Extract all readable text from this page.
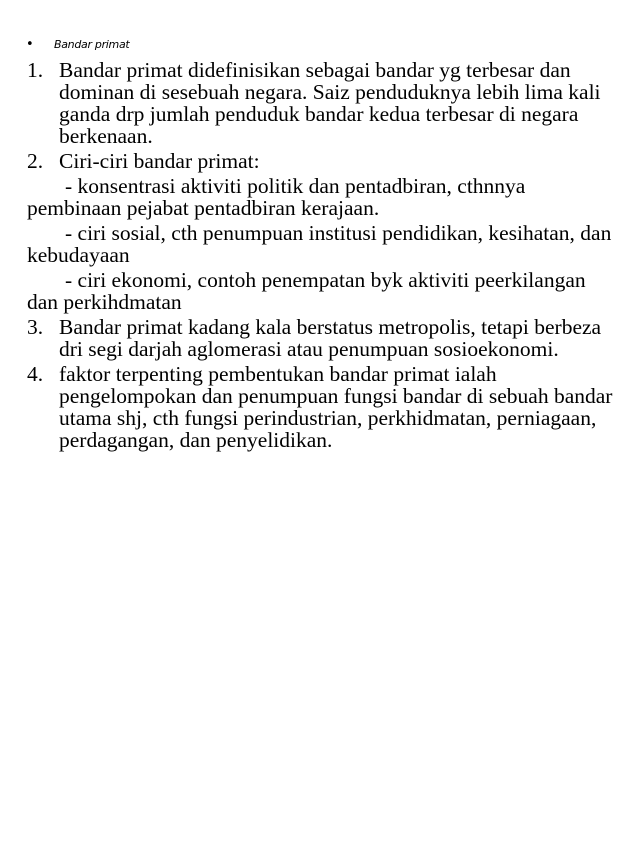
• Bandar primat
1. Bandar primat didefinisikan sebagai bandar yg terbesar dan dominan di sesebuah negara. Saiz penduduknya lebih lima kali ganda drp jumlah penduduk bandar kedua terbesar di negara berkenaan.
2. Ciri-ciri bandar primat:
- konsentrasi aktiviti politik dan pentadbiran, cthnnya pembinaan pejabat pentadbiran kerajaan.
- ciri sosial, cth penumpuan institusi pendidikan, kesihatan, dan kebudayaan
- ciri ekonomi, contoh penempatan byk aktiviti peerkilangan dan perkihdmatan
3. Bandar primat kadang kala berstatus metropolis, tetapi berbeza dri segi darjah aglomerasi atau penumpuan sosioekonomi.
4. faktor terpenting pembentukan bandar primat ialah pengelompokan dan penumpuan fungsi bandar di sebuah bandar utama shj, cth fungsi perindustrian, perkhidmatan, perniagaan, perdagangan, dan penyelidikan.
